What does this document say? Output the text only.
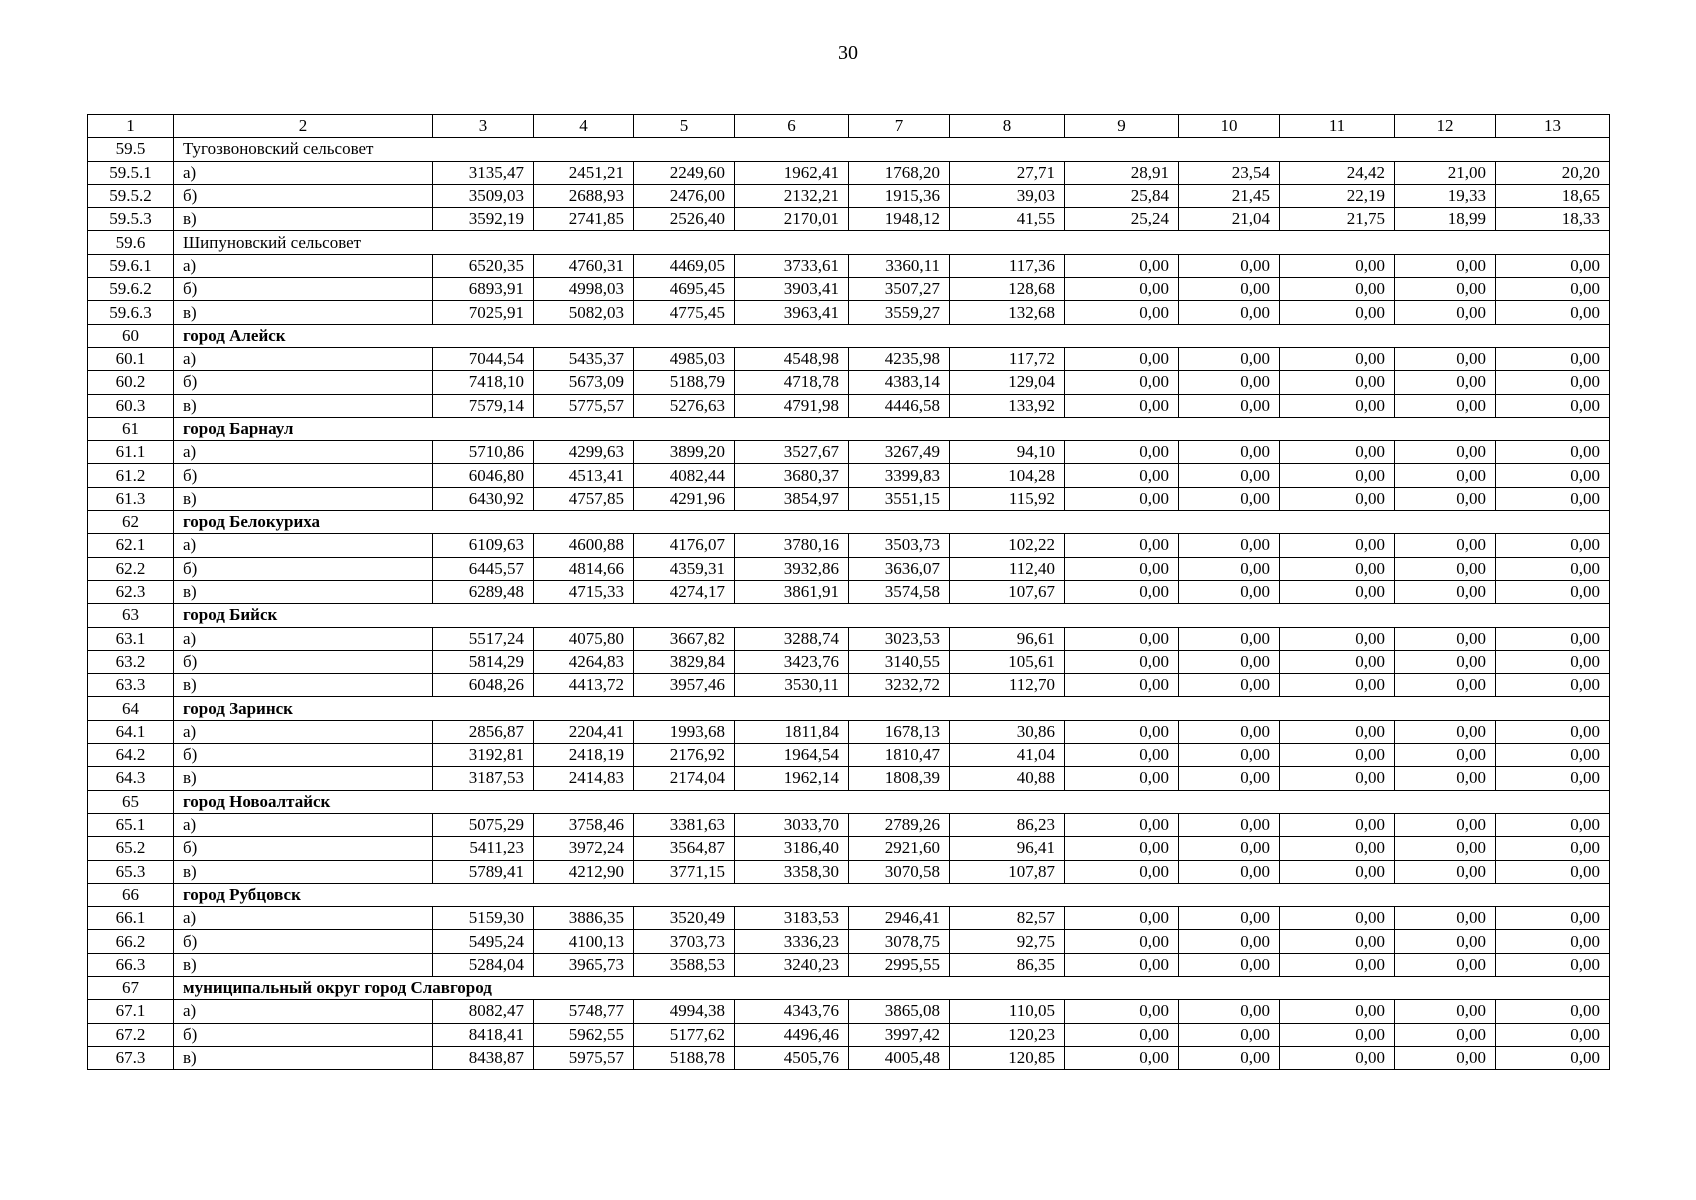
30
1	2	3	4	5	6	7	8	9	10	11	12	13
59.5	Тугозвоновский сельсовет											
59.5.1	а)	3135,47	2451,21	2249,60	1962,41	1768,20	27,71	28,91	23,54	24,42	21,00	20,20
59.5.2	б)	3509,03	2688,93	2476,00	2132,21	1915,36	39,03	25,84	21,45	22,19	19,33	18,65
59.5.3	в)	3592,19	2741,85	2526,40	2170,01	1948,12	41,55	25,24	21,04	21,75	18,99	18,33
59.6	Шипуновский сельсовет											
59.6.1	а)	6520,35	4760,31	4469,05	3733,61	3360,11	117,36	0,00	0,00	0,00	0,00	0,00
59.6.2	б)	6893,91	4998,03	4695,45	3903,41	3507,27	128,68	0,00	0,00	0,00	0,00	0,00
59.6.3	в)	7025,91	5082,03	4775,45	3963,41	3559,27	132,68	0,00	0,00	0,00	0,00	0,00
60	город Алейск											
60.1	а)	7044,54	5435,37	4985,03	4548,98	4235,98	117,72	0,00	0,00	0,00	0,00	0,00
60.2	б)	7418,10	5673,09	5188,79	4718,78	4383,14	129,04	0,00	0,00	0,00	0,00	0,00
60.3	в)	7579,14	5775,57	5276,63	4791,98	4446,58	133,92	0,00	0,00	0,00	0,00	0,00
61	город Барнаул											
61.1	а)	5710,86	4299,63	3899,20	3527,67	3267,49	94,10	0,00	0,00	0,00	0,00	0,00
61.2	б)	6046,80	4513,41	4082,44	3680,37	3399,83	104,28	0,00	0,00	0,00	0,00	0,00
61.3	в)	6430,92	4757,85	4291,96	3854,97	3551,15	115,92	0,00	0,00	0,00	0,00	0,00
62	город Белокуриха											
62.1	а)	6109,63	4600,88	4176,07	3780,16	3503,73	102,22	0,00	0,00	0,00	0,00	0,00
62.2	б)	6445,57	4814,66	4359,31	3932,86	3636,07	112,40	0,00	0,00	0,00	0,00	0,00
62.3	в)	6289,48	4715,33	4274,17	3861,91	3574,58	107,67	0,00	0,00	0,00	0,00	0,00
63	город Бийск											
63.1	а)	5517,24	4075,80	3667,82	3288,74	3023,53	96,61	0,00	0,00	0,00	0,00	0,00
63.2	б)	5814,29	4264,83	3829,84	3423,76	3140,55	105,61	0,00	0,00	0,00	0,00	0,00
63.3	в)	6048,26	4413,72	3957,46	3530,11	3232,72	112,70	0,00	0,00	0,00	0,00	0,00
64	город Заринск											
64.1	а)	2856,87	2204,41	1993,68	1811,84	1678,13	30,86	0,00	0,00	0,00	0,00	0,00
64.2	б)	3192,81	2418,19	2176,92	1964,54	1810,47	41,04	0,00	0,00	0,00	0,00	0,00
64.3	в)	3187,53	2414,83	2174,04	1962,14	1808,39	40,88	0,00	0,00	0,00	0,00	0,00
65	город Новоалтайск											
65.1	а)	5075,29	3758,46	3381,63	3033,70	2789,26	86,23	0,00	0,00	0,00	0,00	0,00
65.2	б)	5411,23	3972,24	3564,87	3186,40	2921,60	96,41	0,00	0,00	0,00	0,00	0,00
65.3	в)	5789,41	4212,90	3771,15	3358,30	3070,58	107,87	0,00	0,00	0,00	0,00	0,00
66	город Рубцовск											
66.1	а)	5159,30	3886,35	3520,49	3183,53	2946,41	82,57	0,00	0,00	0,00	0,00	0,00
66.2	б)	5495,24	4100,13	3703,73	3336,23	3078,75	92,75	0,00	0,00	0,00	0,00	0,00
66.3	в)	5284,04	3965,73	3588,53	3240,23	2995,55	86,35	0,00	0,00	0,00	0,00	0,00
67	муниципальный округ город Славгород											
67.1	а)	8082,47	5748,77	4994,38	4343,76	3865,08	110,05	0,00	0,00	0,00	0,00	0,00
67.2	б)	8418,41	5962,55	5177,62	4496,46	3997,42	120,23	0,00	0,00	0,00	0,00	0,00
67.3	в)	8438,87	5975,57	5188,78	4505,76	4005,48	120,85	0,00	0,00	0,00	0,00	0,00
